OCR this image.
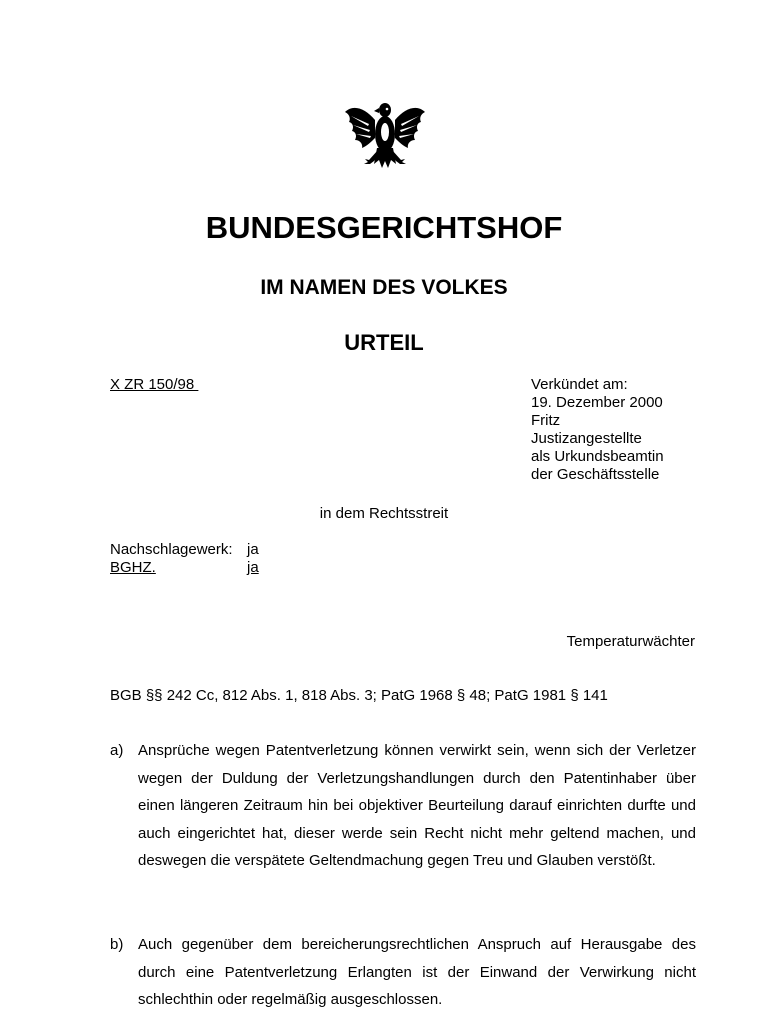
BUNDESGERICHTSHOF
IM NAMEN DES VOLKES
URTEIL
X ZR 150/98	Verkündet am:
19. Dezember 2000
Fritz
Justizangestellte
als Urkundsbeamtin
der Geschäftsstelle
in dem Rechtsstreit
Nachschlagewerk: ja
BGHZ.	ja
Temperaturwächter
BGB §§ 242 Cc, 812 Abs. 1, 818 Abs. 3; PatG 1968 § 48; PatG 1981 § 141
a) Ansprüche wegen Patentverletzung können verwirkt sein, wenn sich der Verletzer wegen der Duldung der Verletzungshandlungen durch den Patentinhaber über einen längeren Zeitraum hin bei objektiver Beurteilung darauf einrichten durfte und auch eingerichtet hat, dieser werde sein Recht nicht mehr geltend machen, und deswegen die verspätete Geltendmachung gegen Treu und Glauben verstößt.
b) Auch gegenüber dem bereicherungsrechtlichen Anspruch auf Herausgabe des durch eine Patentverletzung Erlangten ist der Einwand der Verwirkung nicht schlechthin oder regelmäßig ausgeschlossen.
